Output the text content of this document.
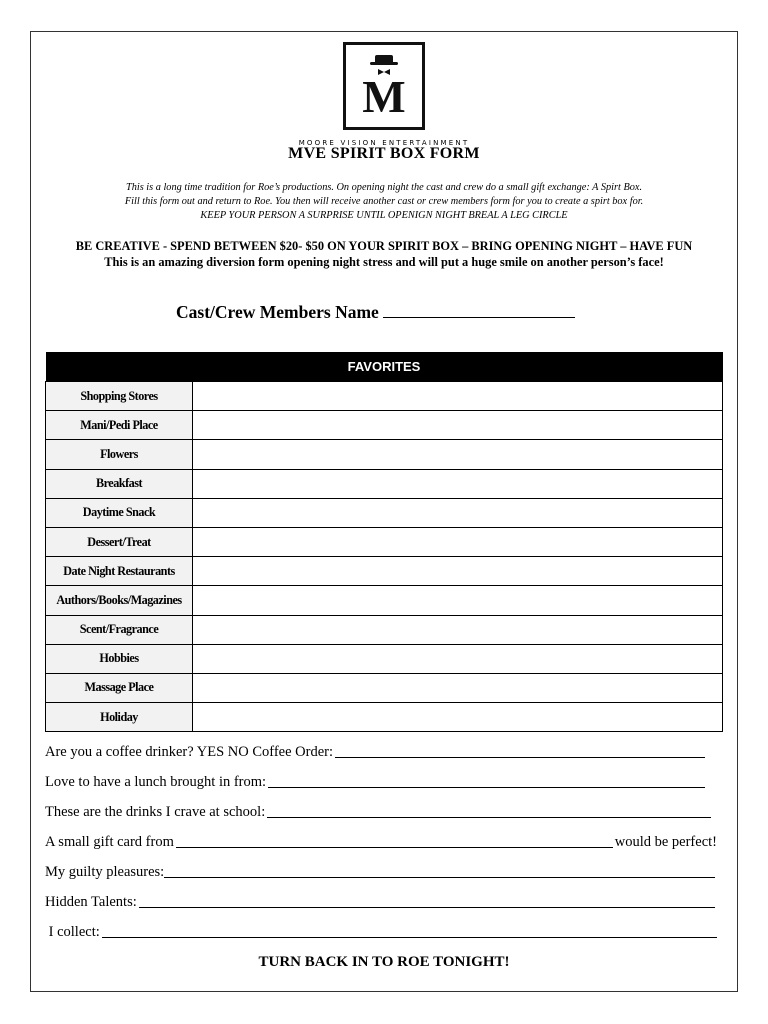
M
MOORE VISION ENTERTAINMENT
MVE SPIRIT BOX FORM
This is a long time tradition for Roe’s productions. On opening night the cast and crew do a small gift exchange: A Spirt Box.
Fill this form out and return to Roe. You then will receive another cast or crew members form for you to create a spirt box for.
KEEP YOUR PERSON A SURPRISE UNTIL OPENIGN NIGHT BREAL A LEG CIRCLE
BE CREATIVE - SPEND BETWEEN $20- $50 ON YOUR SPIRIT BOX – BRING OPENING NIGHT – HAVE FUN
This is an amazing diversion form opening night stress and will put a huge smile on another person’s face!
Cast/Crew Members Name
FAVORITES	
Shopping Stores	
Mani/Pedi Place	
Flowers	
Breakfast	
Daytime Snack	
Dessert/Treat	
Date Night Restaurants	
Authors/Books/Magazines	
Scent/Fragrance	
Hobbies	
Massage Place	
Holiday	
Are you a coffee drinker? YES NO Coffee Order:
Love to have a lunch brought in from:
These are the drinks I crave at school:
A small gift card from	would be perfect!
My guilty pleasures:
Hidden Talents:
I collect:
TURN BACK IN TO ROE TONIGHT!
